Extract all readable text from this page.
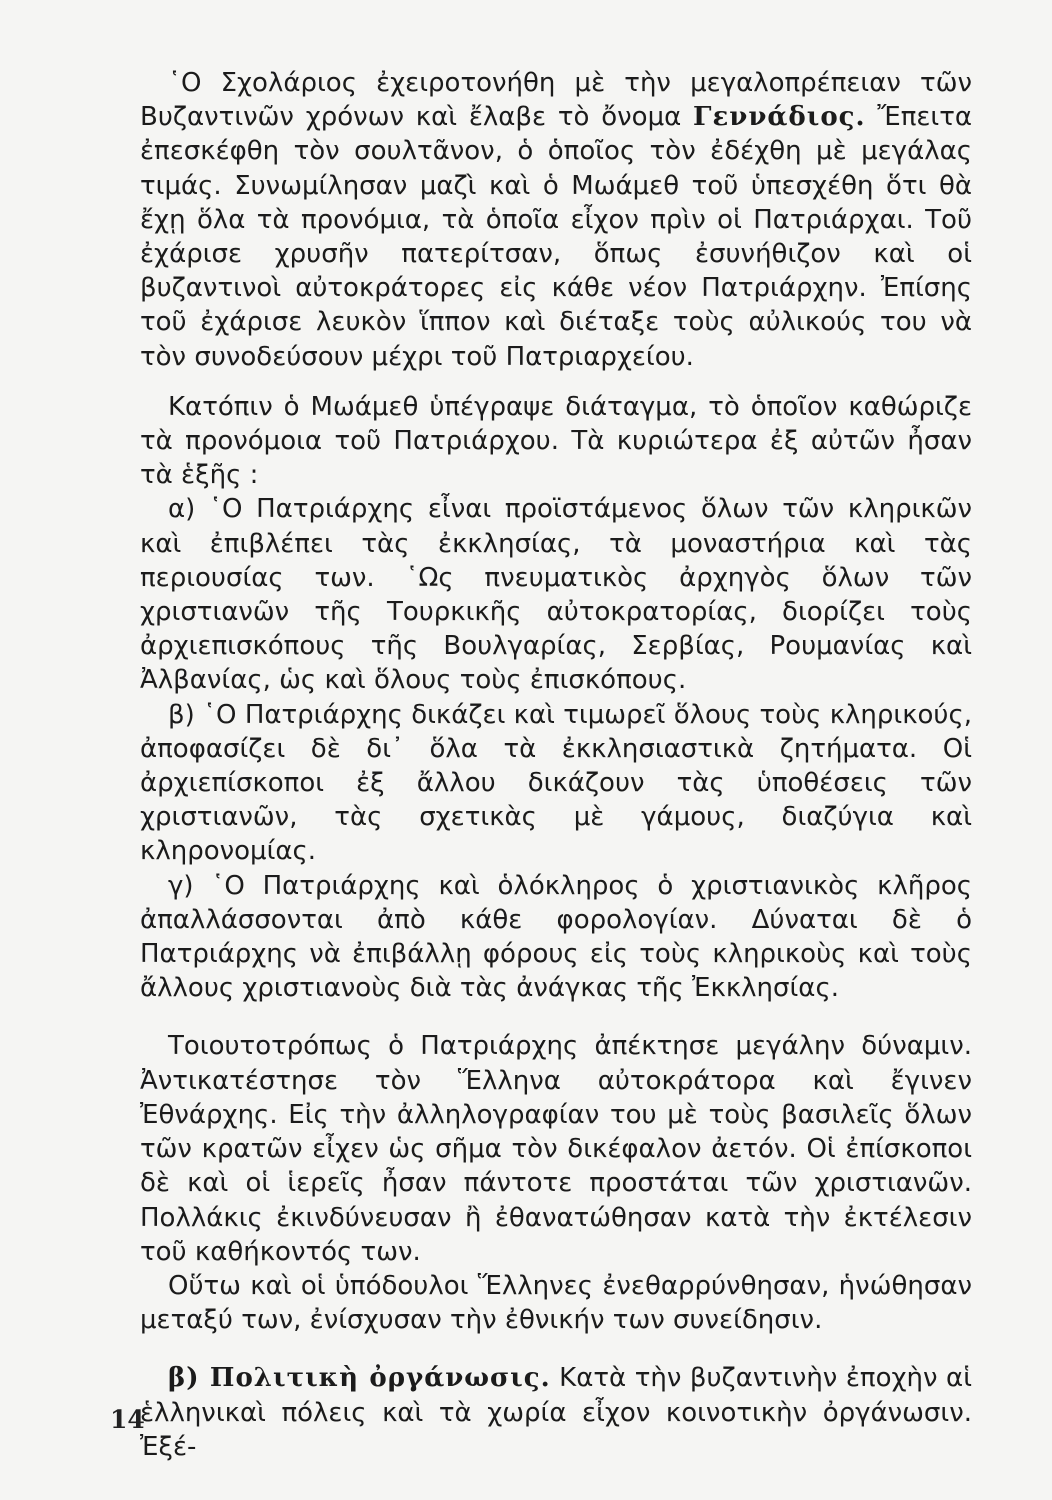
῾Ο Σχολάριος ἐχειροτονήθη μὲ τὴν μεγαλοπρέπειαν τῶν Βυζαντινῶν χρόνων καὶ ἔλαβε τὸ ὄνομα Γεννάδιος. Ἔπειτα ἐπεσκέφθη τὸν σουλτᾶνον, ὁ ὁποῖος τὸν ἐδέχθη μὲ μεγάλας τιμάς. Συνωμίλησαν μαζὶ καὶ ὁ Μωάμεθ τοῦ ὑπεσχέθη ὅτι θὰ ἔχῃ ὅλα τὰ προνόμια, τὰ ὁποῖα εἶχον πρὶν οἱ Πατριάρχαι. Τοῦ ἐχάρισε χρυσῆν πατερίτσαν, ὅπως ἐσυνήθιζον καὶ οἱ βυζαντινοὶ αὐτοκράτορες εἰς κάθε νέον Πατριάρχην. Ἐπίσης τοῦ ἐχάρισε λευκὸν ἵππον καὶ διέταξε τοὺς αὐλικούς του νὰ τὸν συνοδεύσουν μέχρι τοῦ Πατριαρχείου.

Κατόπιν ὁ Μωάμεθ ὑπέγραψε διάταγμα, τὸ ὁποῖον καθώριζε τὰ προνόμοια τοῦ Πατριάρχου. Τὰ κυριώτερα ἐξ αὐτῶν ἦσαν τὰ ἑξῆς :

α) ῾Ο Πατριάρχης εἶναι προϊστάμενος ὅλων τῶν κληρικῶν καὶ ἐπιβλέπει τὰς ἐκκλησίας, τὰ μοναστήρια καὶ τὰς περιουσίας των. ῾Ως πνευματικὸς ἀρχηγὸς ὅλων τῶν χριστιανῶν τῆς Τουρκικῆς αὐτοκρατορίας, διορίζει τοὺς ἀρχιεπισκόπους τῆς Βουλγαρίας, Σερβίας, Ρουμανίας καὶ Ἀλβανίας, ὡς καὶ ὅλους τοὺς ἐπισκόπους.

β) ῾Ο Πατριάρχης δικάζει καὶ τιμωρεῖ ὅλους τοὺς κληρικούς, ἀποφασίζει δὲ δι᾽ ὅλα τὰ ἐκκλησιαστικὰ ζητήματα. Οἱ ἀρχιεπίσκοποι ἐξ ἄλλου δικάζουν τὰς ὑποθέσεις τῶν χριστιανῶν, τὰς σχετικὰς μὲ γάμους, διαζύγια καὶ κληρονομίας.

γ) ῾Ο Πατριάρχης καὶ ὁλόκληρος ὁ χριστιανικὸς κλῆρος ἀπαλλάσσονται ἀπὸ κάθε φορολογίαν. Δύναται δὲ ὁ Πατριάρχης νὰ ἐπιβάλλῃ φόρους εἰς τοὺς κληρικοὺς καὶ τοὺς ἄλλους χριστιανοὺς διὰ τὰς ἀνάγκας τῆς Ἐκκλησίας.

Τοιουτοτρόπως ὁ Πατριάρχης ἀπέκτησε μεγάλην δύναμιν. Ἀντικατέστησε τὸν Ἕλληνα αὐτοκράτορα καὶ ἔγινεν Ἐθνάρχης. Εἰς τὴν ἀλληλογραφίαν του μὲ τοὺς βασιλεῖς ὅλων τῶν κρατῶν εἶχεν ὡς σῆμα τὸν δικέφαλον ἀετόν. Οἱ ἐπίσκοποι δὲ καὶ οἱ ἱερεῖς ἦσαν πάντοτε προστάται τῶν χριστιανῶν. Πολλάκις ἐκινδύνευσαν ἢ ἐθανατώθησαν κατὰ τὴν ἐκτέλεσιν τοῦ καθήκοντός των.

Οὕτω καὶ οἱ ὑπόδουλοι Ἕλληνες ἐνεθαρρύνθησαν, ἡνώθησαν μεταξύ των, ἐνίσχυσαν τὴν ἐθνικήν των συνείδησιν.

β) Πολιτικὴ ὀργάνωσις. Κατὰ τὴν βυζαντινὴν ἐποχὴν αἱ ἑλληνικαὶ πόλεις καὶ τὰ χωρία εἶχον κοινοτικὴν ὀργάνωσιν. Ἐξέ-

14
